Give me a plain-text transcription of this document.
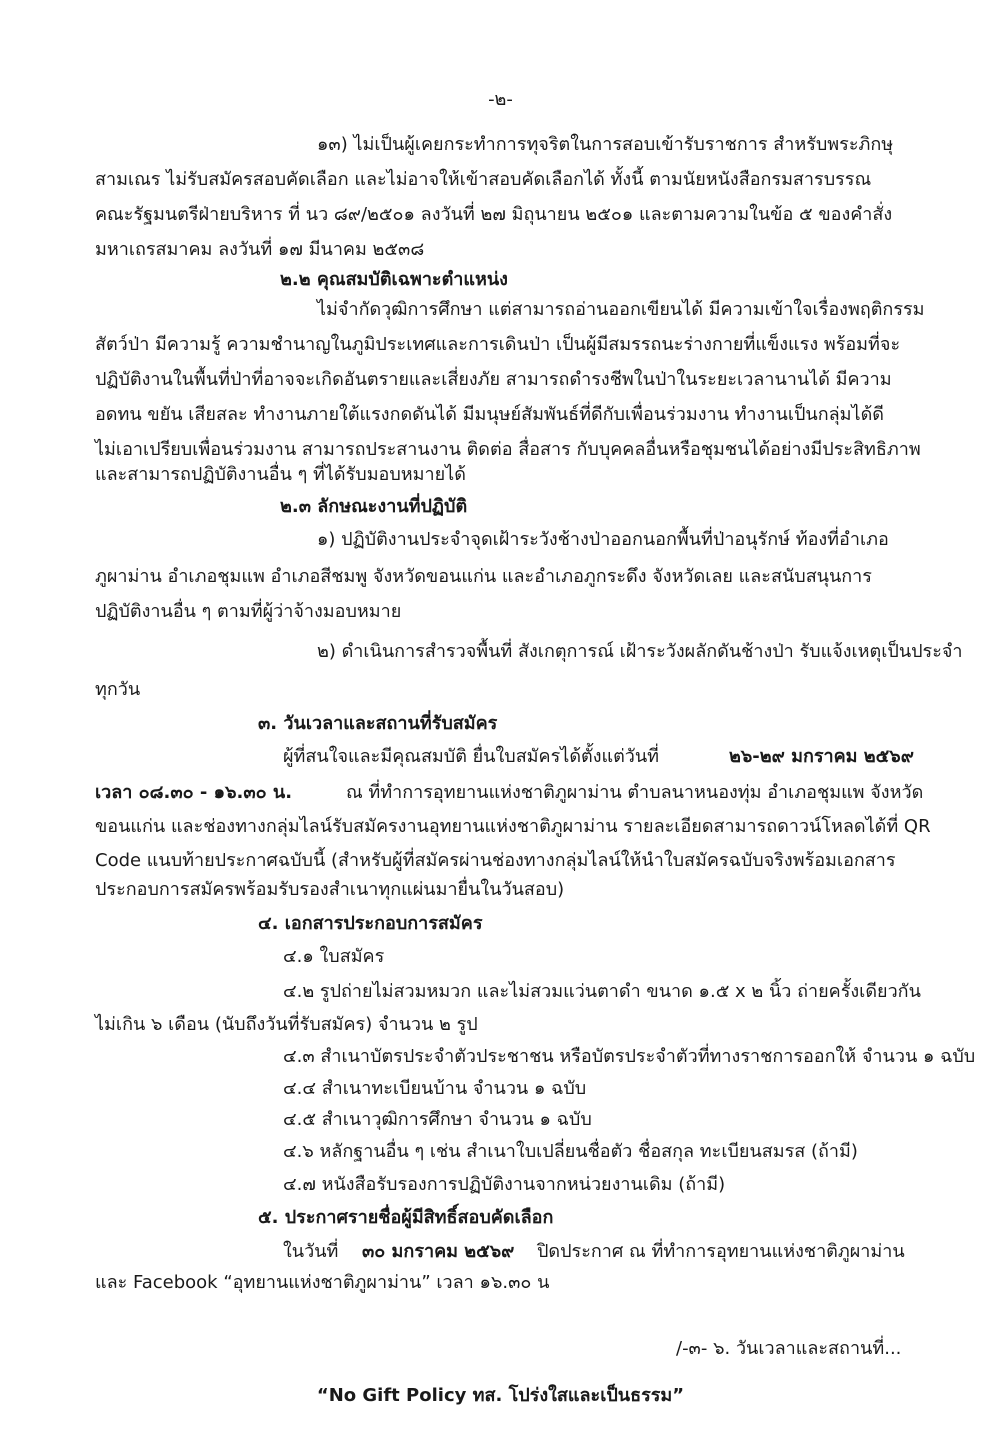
-๒-
๑๓) ไม่เป็นผู้เคยกระทำการทุจริตในการสอบเข้ารับราชการ สำหรับพระภิกษุ
สามเณร ไม่รับสมัครสอบคัดเลือก และไม่อาจให้เข้าสอบคัดเลือกได้ ทั้งนี้ ตามนัยหนังสือกรมสารบรรณ
คณะรัฐมนตรีฝ่ายบริหาร ที่ นว ๘๙/๒๕๐๑ ลงวันที่ ๒๗ มิถุนายน ๒๕๐๑ และตามความในข้อ ๕ ของคำสั่ง
มหาเถรสมาคม ลงวันที่ ๑๗ มีนาคม ๒๕๓๘
๒.๒ คุณสมบัติเฉพาะตำแหน่ง
ไม่จำกัดวุฒิการศึกษา แต่สามารถอ่านออกเขียนได้ มีความเข้าใจเรื่องพฤติกรรม
สัตว์ป่า มีความรู้ ความชำนาญในภูมิประเทศและการเดินป่า เป็นผู้มีสมรรถนะร่างกายที่แข็งแรง พร้อมที่จะ
ปฏิบัติงานในพื้นที่ป่าที่อาจจะเกิดอันตรายและเสี่ยงภัย สามารถดำรงชีพในป่าในระยะเวลานานได้ มีความ
อดทน ขยัน เสียสละ ทำงานภายใต้แรงกดดันได้ มีมนุษย์สัมพันธ์ที่ดีกับเพื่อนร่วมงาน ทำงานเป็นกลุ่มได้ดี
ไม่เอาเปรียบเพื่อนร่วมงาน สามารถประสานงาน ติดต่อ สื่อสาร กับบุคคลอื่นหรือชุมชนได้อย่างมีประสิทธิภาพ
และสามารถปฏิบัติงานอื่น ๆ ที่ได้รับมอบหมายได้
๒.๓ ลักษณะงานที่ปฏิบัติ
๑) ปฏิบัติงานประจำจุดเฝ้าระวังช้างป่าออกนอกพื้นที่ป่าอนุรักษ์ ท้องที่อำเภอ
ภูผาม่าน อำเภอชุมแพ อำเภอสีชมพู จังหวัดขอนแก่น และอำเภอภูกระดึง จังหวัดเลย และสนับสนุนการ
ปฏิบัติงานอื่น ๆ ตามที่ผู้ว่าจ้างมอบหมาย
๒) ดำเนินการสำรวจพื้นที่ สังเกตุการณ์ เฝ้าระวังผลักดันช้างป่า รับแจ้งเหตุเป็นประจำ
ทุกวัน
๓. วันเวลาและสถานที่รับสมัคร
ผู้ที่สนใจและมีคุณสมบัติ ยื่นใบสมัครได้ตั้งแต่วันที่	๒๖-๒๙ มกราคม ๒๕๖๙
เวลา ๐๘.๓๐ - ๑๖.๓๐ น.	ณ ที่ทำการอุทยานแห่งชาติภูผาม่าน ตำบลนาหนองทุ่ม อำเภอชุมแพ จังหวัด
ขอนแก่น และช่องทางกลุ่มไลน์รับสมัครงานอุทยานแห่งชาติภูผาม่าน รายละเอียดสามารถดาวน์โหลดได้ที่ QR
Code แนบท้ายประกาศฉบับนี้ (สำหรับผู้ที่สมัครผ่านช่องทางกลุ่มไลน์ให้นำใบสมัครฉบับจริงพร้อมเอกสาร
ประกอบการสมัครพร้อมรับรองสำเนาทุกแผ่นมายื่นในวันสอบ)
๔. เอกสารประกอบการสมัคร
๔.๑ ใบสมัคร
๔.๒ รูปถ่ายไม่สวมหมวก และไม่สวมแว่นตาดำ ขนาด ๑.๕ x ๒ นิ้ว ถ่ายครั้งเดียวกัน
ไม่เกิน ๖ เดือน (นับถึงวันที่รับสมัคร) จำนวน ๒ รูป
๔.๓ สำเนาบัตรประจำตัวประชาชน หรือบัตรประจำตัวที่ทางราชการออกให้ จำนวน ๑ ฉบับ
๔.๔ สำเนาทะเบียนบ้าน จำนวน ๑ ฉบับ
๔.๕ สำเนาวุฒิการศึกษา จำนวน ๑ ฉบับ
๔.๖ หลักฐานอื่น ๆ เช่น สำเนาใบเปลี่ยนชื่อตัว ชื่อสกุล ทะเบียนสมรส (ถ้ามี)
๔.๗ หนังสือรับรองการปฏิบัติงานจากหน่วยงานเดิม (ถ้ามี)
๕. ประกาศรายชื่อผู้มีสิทธิ์สอบคัดเลือก
ในวันที่ ๓๐ มกราคม ๒๕๖๙ ปิดประกาศ ณ ที่ทำการอุทยานแห่งชาติภูผาม่าน
และ Facebook “อุทยานแห่งชาติภูผาม่าน” เวลา ๑๖.๓๐ น
/-๓- ๖. วันเวลาและสถานที่...
“No Gift Policy ทส. โปร่งใสและเป็นธรรม”
